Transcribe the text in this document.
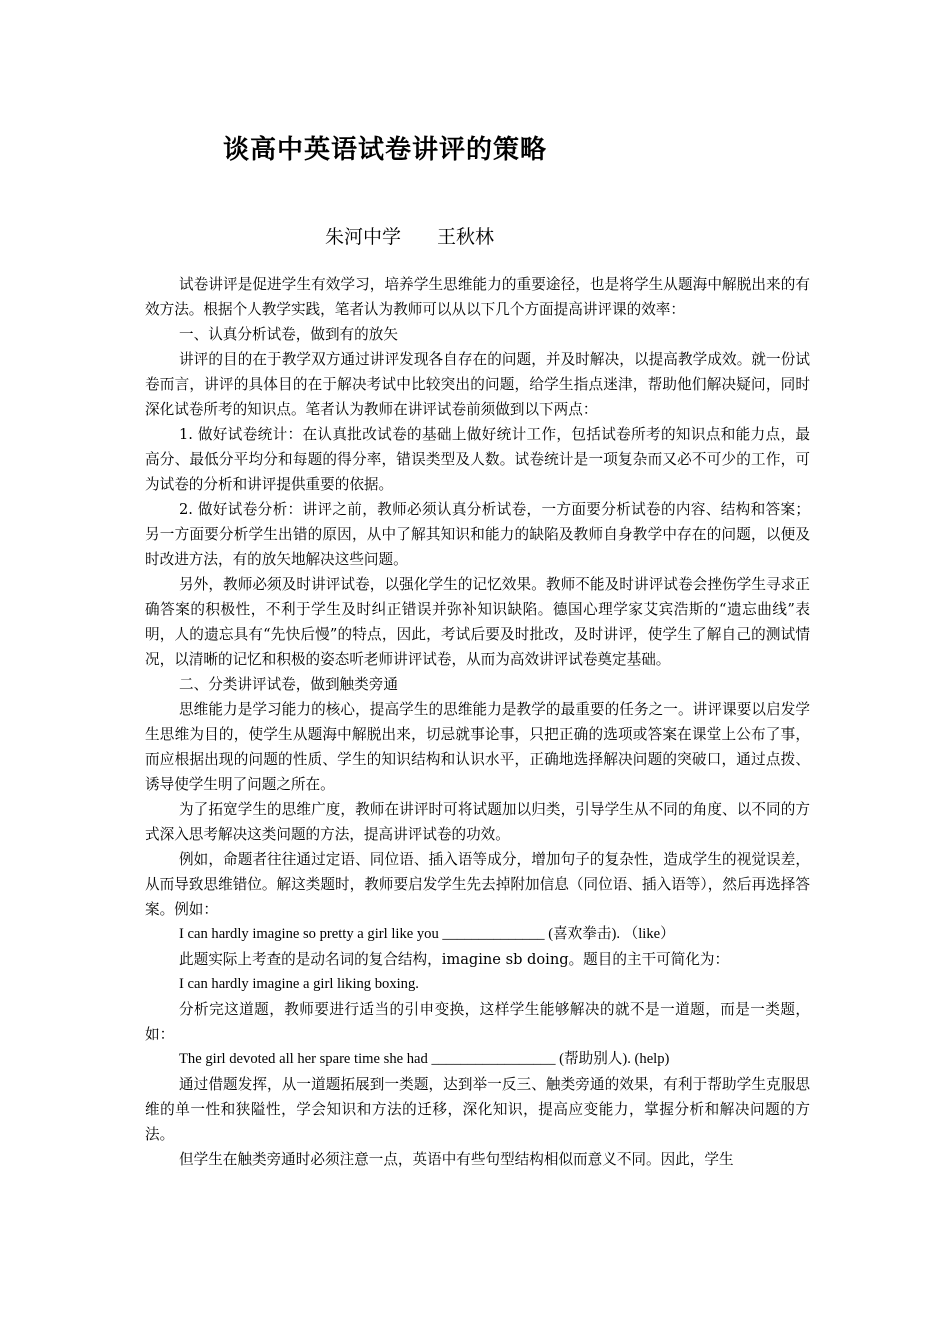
谈高中英语试卷讲评的策略
朱河中学 王秋林

试卷讲评是促进学生有效学习，培养学生思维能力的重要途径，也是将学生从题海中解脱出来的有效方法。根据个人教学实践，笔者认为教师可以从以下几个方面提高讲评课的效率：

一、认真分析试卷，做到有的放矢

讲评的目的在于教学双方通过讲评发现各自存在的问题，并及时解决，以提高教学成效。就一份试卷而言，讲评的具体目的在于解决考试中比较突出的问题，给学生指点迷津，帮助他们解决疑问，同时深化试卷所考的知识点。笔者认为教师在讲评试卷前须做到以下两点：

1. 做好试卷统计：在认真批改试卷的基础上做好统计工作，包括试卷所考的知识点和能力点，最高分、最低分平均分和每题的得分率，错误类型及人数。试卷统计是一项复杂而又必不可少的工作，可为试卷的分析和讲评提供重要的依据。

2. 做好试卷分析：讲评之前，教师必须认真分析试卷，一方面要分析试卷的内容、结构和答案；另一方面要分析学生出错的原因，从中了解其知识和能力的缺陷及教师自身教学中存在的问题，以便及时改进方法，有的放矢地解决这些问题。

另外，教师必须及时讲评试卷，以强化学生的记忆效果。教师不能及时讲评试卷会挫伤学生寻求正确答案的积极性，不利于学生及时纠正错误并弥补知识缺陷。德国心理学家艾宾浩斯的“遗忘曲线”表明，人的遗忘具有“先快后慢”的特点，因此，考试后要及时批改，及时讲评，使学生了解自己的测试情况，以清晰的记忆和积极的姿态听老师讲评试卷，从而为高效讲评试卷奠定基础。

二、分类讲评试卷，做到触类旁通

思维能力是学习能力的核心，提高学生的思维能力是教学的最重要的任务之一。讲评课要以启发学生思维为目的，使学生从题海中解脱出来，切忌就事论事，只把正确的选项或答案在课堂上公布了事，而应根据出现的问题的性质、学生的知识结构和认识水平，正确地选择解决问题的突破口，通过点拨、诱导使学生明了问题之所在。

为了拓宽学生的思维广度，教师在讲评时可将试题加以归类，引导学生从不同的角度、以不同的方式深入思考解决这类问题的方法，提高讲评试卷的功效。

例如，命题者往往通过定语、同位语、插入语等成分，增加句子的复杂性，造成学生的视觉误差，从而导致思维错位。解这类题时，教师要启发学生先去掉附加信息（同位语、插入语等），然后再选择答案。例如：

I can hardly imagine so pretty a girl like you ______________ (喜欢拳击). （like）

此题实际上考查的是动名词的复合结构，imagine sb doing。题目的主干可简化为：

I can hardly imagine a girl liking boxing.

分析完这道题，教师要进行适当的引申变换，这样学生能够解决的就不是一道题，而是一类题，如：

The girl devoted all her spare time she had _________________ (帮助别人). (help)

通过借题发挥，从一道题拓展到一类题，达到举一反三、触类旁通的效果，有利于帮助学生克服思维的单一性和狭隘性，学会知识和方法的迁移，深化知识，提高应变能力，掌握分析和解决问题的方法。

但学生在触类旁通时必须注意一点，英语中有些句型结构相似而意义不同。因此，学生
